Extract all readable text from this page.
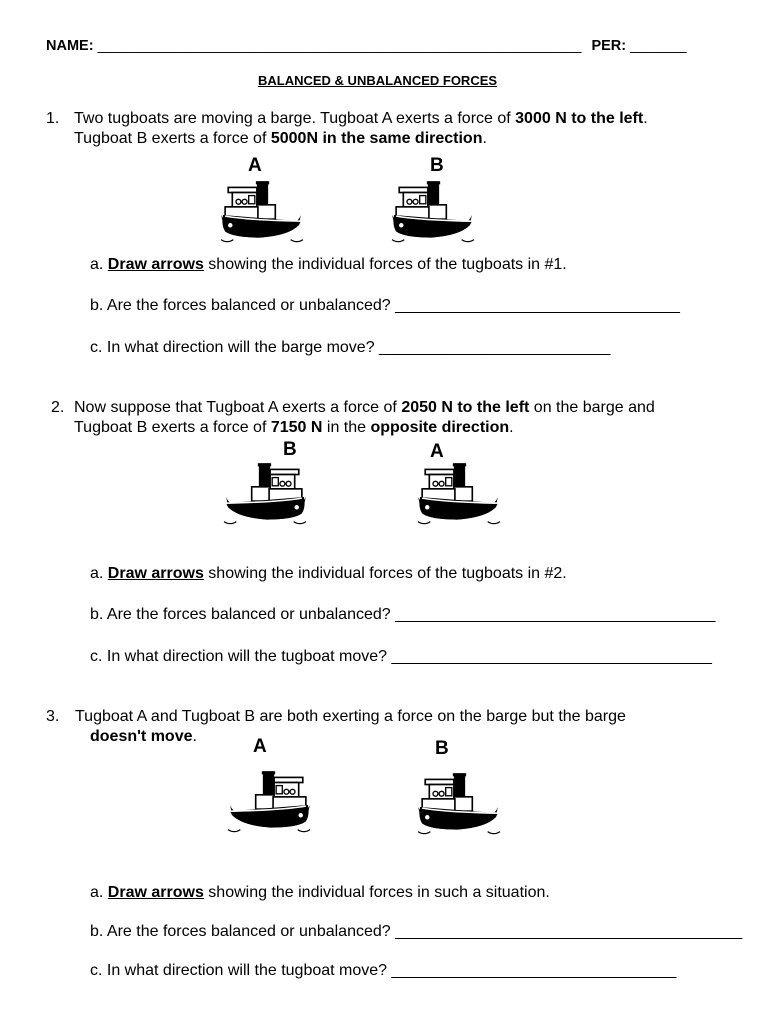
NAME: ____________________________________________________________ PER: _______
BALANCED & UNBALANCED FORCES
1. Two tugboats are moving a barge. Tugboat A exerts a force of 3000 N to the left.
Tugboat B exerts a force of 5000N in the same direction.
A	B
a. Draw arrows showing the individual forces of the tugboats in #1.
b. Are the forces balanced or unbalanced? ________________________________
c. In what direction will the barge move? __________________________
2. Now suppose that Tugboat A exerts a force of 2050 N to the left on the barge and
Tugboat B exerts a force of 7150 N in the opposite direction.
B	A
a. Draw arrows showing the individual forces of the tugboats in #2.
b. Are the forces balanced or unbalanced? ____________________________________
c. In what direction will the tugboat move? ____________________________________
3. Tugboat A and Tugboat B are both exerting a force on the barge but the barge
doesn't move.	A	B
a. Draw arrows showing the individual forces in such a situation.
b. Are the forces balanced or unbalanced? _______________________________________
c. In what direction will the tugboat move? ________________________________
